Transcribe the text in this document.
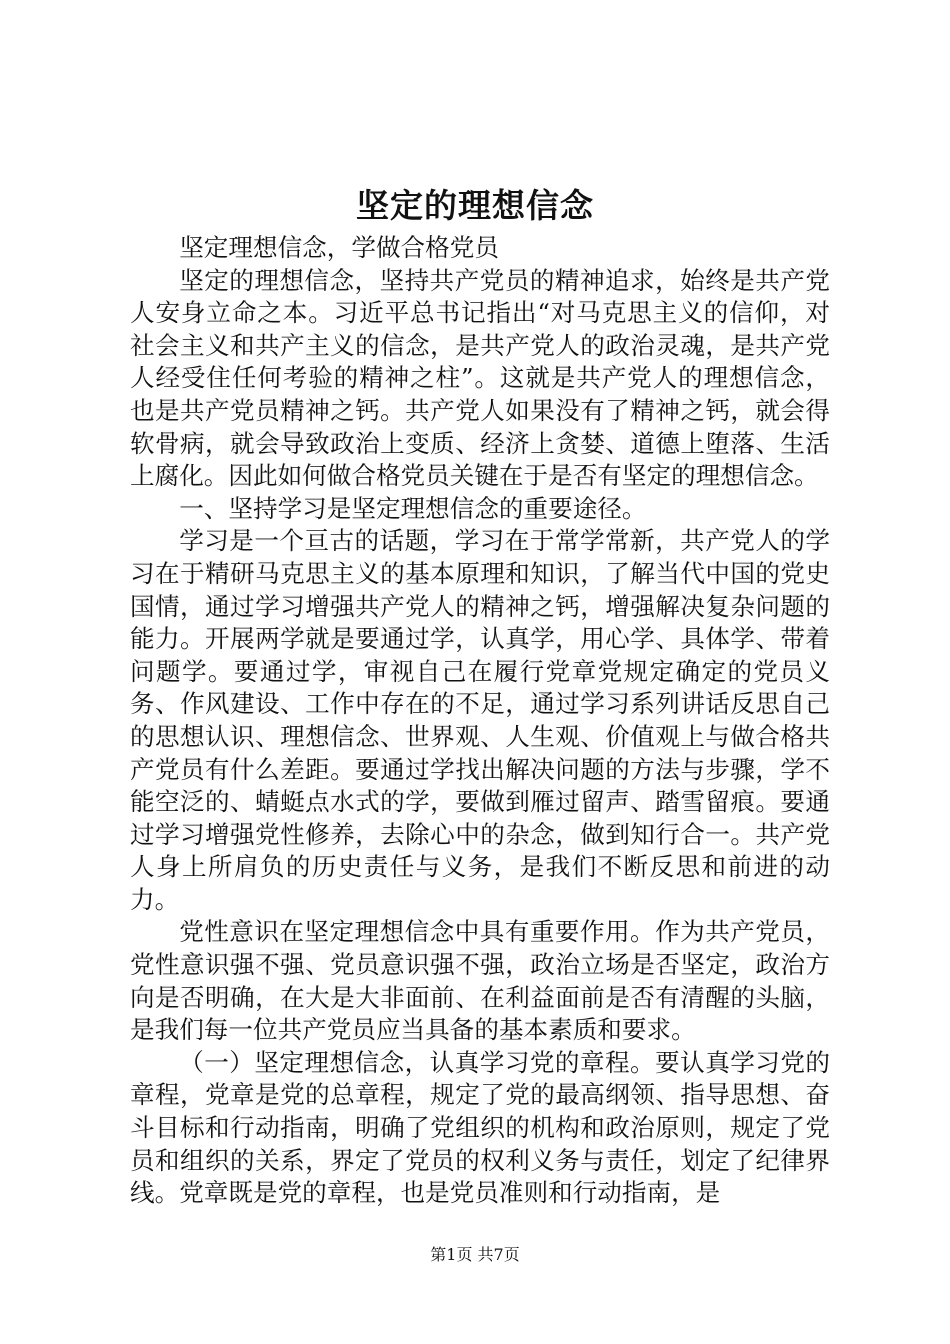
坚定的理想信念

坚定理想信念，学做合格党员

坚定的理想信念，坚持共产党员的精神追求，始终是共产党人安身立命之本。习近平总书记指出“对马克思主义的信仰，对社会主义和共产主义的信念，是共产党人的政治灵魂，是共产党人经受住任何考验的精神之柱”。这就是共产党人的理想信念，也是共产党员精神之钙。共产党人如果没有了精神之钙，就会得软骨病，就会导致政治上变质、经济上贪婪、道德上堕落、生活上腐化。因此如何做合格党员关键在于是否有坚定的理想信念。

一、坚持学习是坚定理想信念的重要途径。

学习是一个亘古的话题，学习在于常学常新，共产党人的学习在于精研马克思主义的基本原理和知识，了解当代中国的党史国情，通过学习增强共产党人的精神之钙，增强解决复杂问题的能力。开展两学就是要通过学，认真学，用心学、具体学、带着问题学。要通过学，审视自己在履行党章党规定确定的党员义务、作风建设、工作中存在的不足，通过学习系列讲话反思自己的思想认识、理想信念、世界观、人生观、价值观上与做合格共产党员有什么差距。要通过学找出解决问题的方法与步骤，学不能空泛的、蜻蜓点水式的学，要做到雁过留声、踏雪留痕。要通过学习增强党性修养，去除心中的杂念，做到知行合一。共产党人身上所肩负的历史责任与义务，是我们不断反思和前进的动力。

党性意识在坚定理想信念中具有重要作用。作为共产党员，党性意识强不强、党员意识强不强，政治立场是否坚定，政治方向是否明确，在大是大非面前、在利益面前是否有清醒的头脑，是我们每一位共产党员应当具备的基本素质和要求。

（一）坚定理想信念，认真学习党的章程。要认真学习党的章程，党章是党的总章程，规定了党的最高纲领、指导思想、奋斗目标和行动指南，明确了党组织的机构和政治原则，规定了党员和组织的关系，界定了党员的权利义务与责任，划定了纪律界线。党章既是党的章程，也是党员准则和行动指南，是

第1页 共7页
